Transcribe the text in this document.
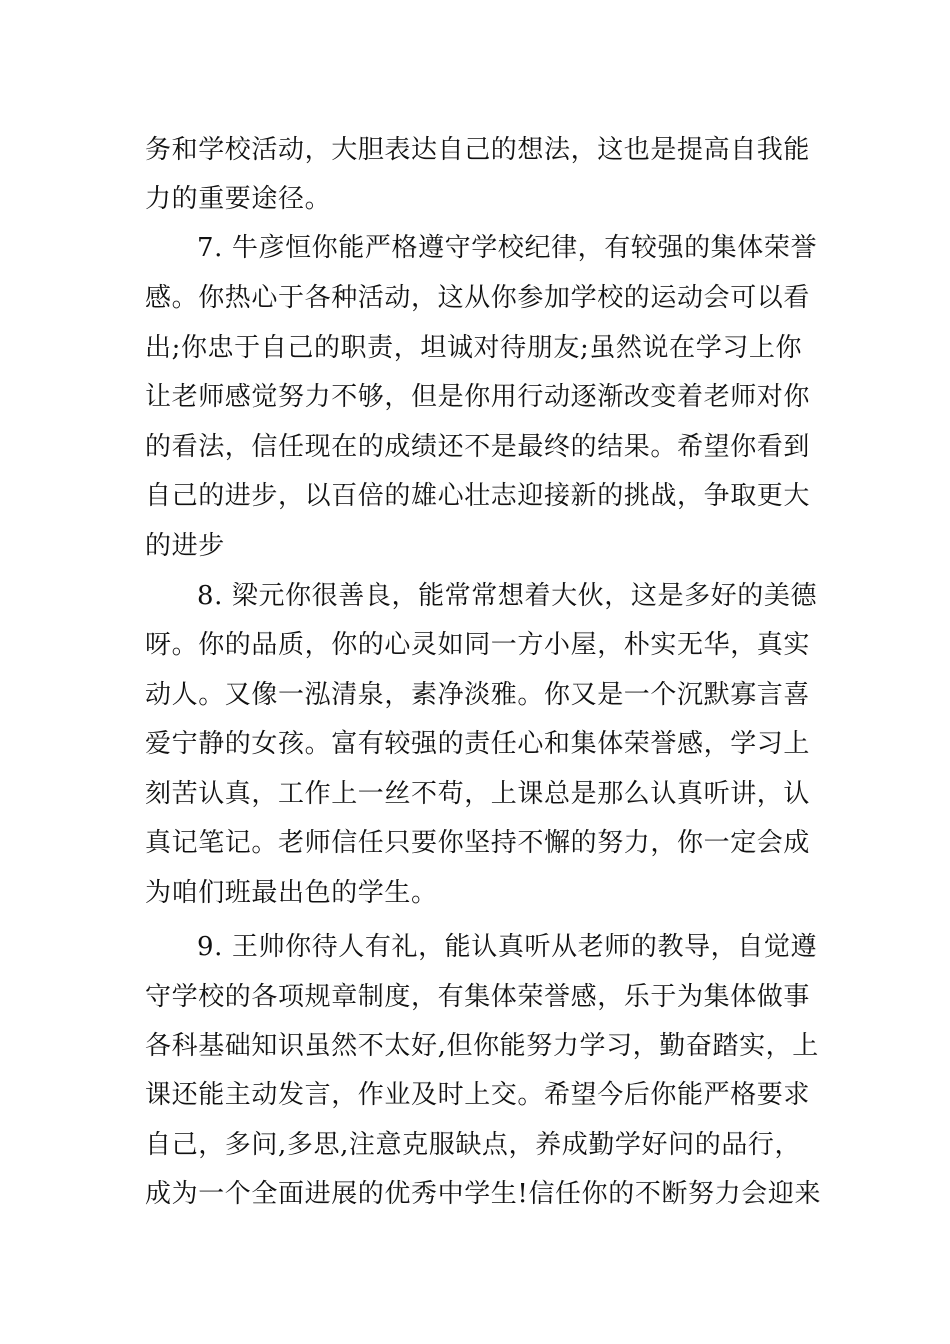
务和学校活动，大胆表达自己的想法，这也是提高自我能
力的重要途径。
7. 牛彦恒你能严格遵守学校纪律，有较强的集体荣誉
感。你热心于各种活动，这从你参加学校的运动会可以看
出;你忠于自己的职责，坦诚对待朋友;虽然说在学习上你
让老师感觉努力不够，但是你用行动逐渐改变着老师对你
的看法，信任现在的成绩还不是最终的结果。希望你看到
自己的进步，以百倍的雄心壮志迎接新的挑战，争取更大
的进步
8. 梁元你很善良，能常常想着大伙，这是多好的美德
呀。你的品质，你的心灵如同一方小屋，朴实无华，真实
动人。又像一泓清泉，素净淡雅。你又是一个沉默寡言喜
爱宁静的女孩。富有较强的责任心和集体荣誉感，学习上
刻苦认真，工作上一丝不苟，上课总是那么认真听讲，认
真记笔记。老师信任只要你坚持不懈的努力，你一定会成
为咱们班最出色的学生。
9. 王帅你待人有礼，能认真听从老师的教导，自觉遵
守学校的各项规章制度，有集体荣誉感，乐于为集体做事
各科基础知识虽然不太好,但你能努力学习，勤奋踏实，上
课还能主动发言，作业及时上交。希望今后你能严格要求
自己，多问,多思,注意克服缺点，养成勤学好问的品行，
成为一个全面进展的优秀中学生!信任你的不断努力会迎来
